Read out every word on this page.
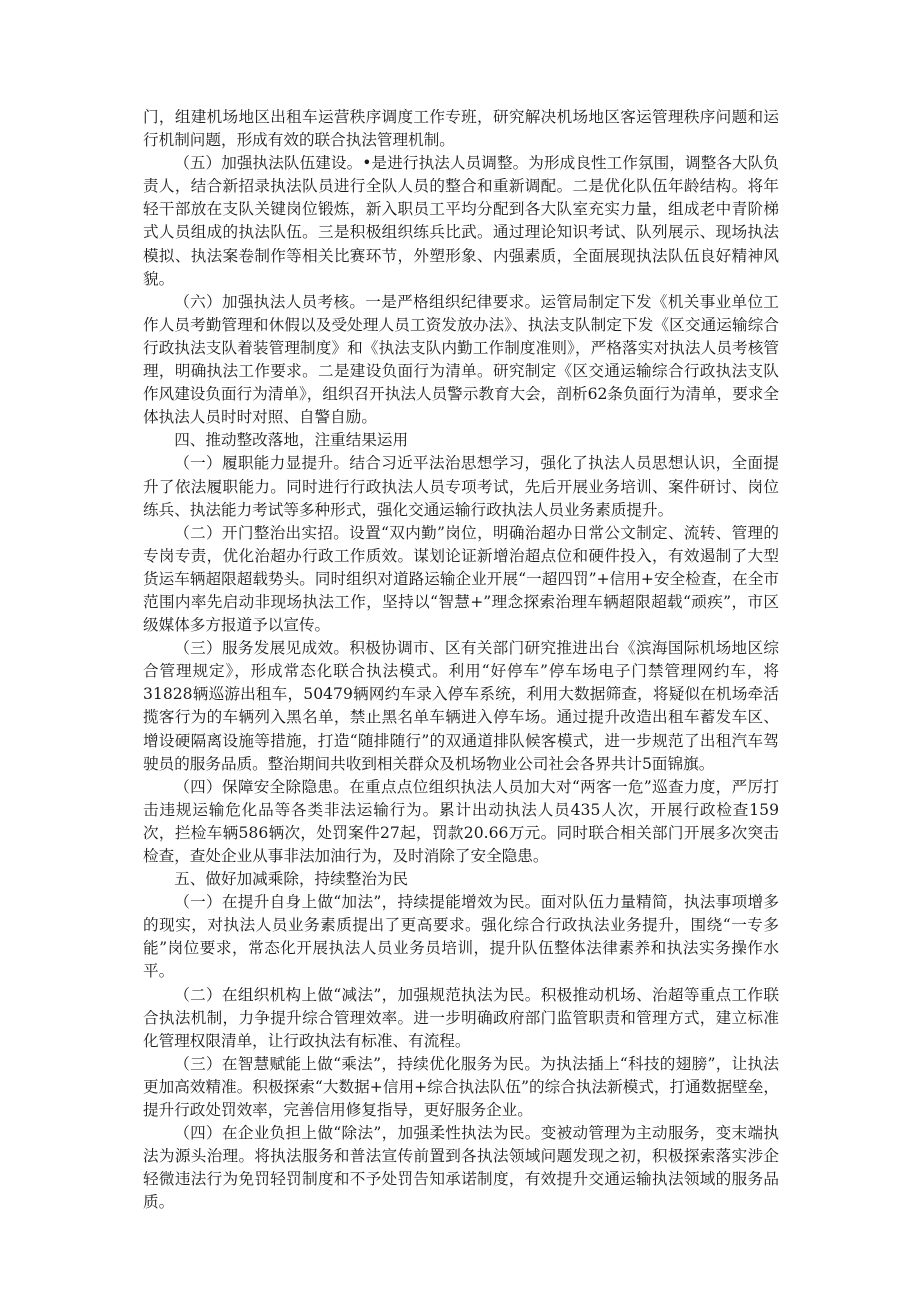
门，组建机场地区出租车运营秩序调度工作专班，研究解决机场地区客运管理秩序问题和运行机制问题，形成有效的联合执法管理机制。

（五）加强执法队伍建设。•是进行执法人员调整。为形成良性工作氛围，调整各大队负责人，结合新招录执法队员进行全队人员的整合和重新调配。二是优化队伍年龄结构。将年轻干部放在支队关键岗位锻炼，新入职员工平均分配到各大队室充实力量，组成老中青阶梯式人员组成的执法队伍。三是积极组织练兵比武。通过理论知识考试、队列展示、现场执法模拟、执法案卷制作等相关比赛环节，外塑形象、内强素质，全面展现执法队伍良好精神风貌。

（六）加强执法人员考核。一是严格组织纪律要求。运管局制定下发《机关事业单位工作人员考勤管理和休假以及受处理人员工资发放办法》、执法支队制定下发《区交通运输综合行政执法支队着装管理制度》和《执法支队内勤工作制度准则》，严格落实对执法人员考核管理，明确执法工作要求。二是建设负面行为清单。研究制定《区交通运输综合行政执法支队作风建设负面行为清单》，组织召开执法人员警示教育大会，剖析62条负面行为清单，要求全体执法人员时时对照、自警自励。

四、推动整改落地，注重结果运用

（一）履职能力显提升。结合习近平法治思想学习，强化了执法人员思想认识，全面提升了依法履职能力。同时进行行政执法人员专项考试，先后开展业务培训、案件研讨、岗位练兵、执法能力考试等多种形式，强化交通运输行政执法人员业务素质提升。

（二）开门整治出实招。设置“双内勤”岗位，明确治超办日常公文制定、流转、管理的专岗专责，优化治超办行政工作质效。谋划论证新增治超点位和硬件投入，有效遏制了大型货运车辆超限超载势头。同时组织对道路运输企业开展“一超四罚”+信用+安全检查，在全市范围内率先启动非现场执法工作，坚持以“智慧+”理念探索治理车辆超限超载“顽疾”，市区级媒体多方报道予以宣传。

（三）服务发展见成效。积极协调市、区有关部门研究推进出台《滨海国际机场地区综合管理规定》，形成常态化联合执法模式。利用“好停车”停车场电子门禁管理网约车，将31828辆巡游出租车，50479辆网约车录入停车系统，利用大数据筛查，将疑似在机场牵活揽客行为的车辆列入黑名单，禁止黑名单车辆进入停车场。通过提升改造出租车蓄发车区、增设硬隔离设施等措施，打造“随排随行”的双通道排队候客模式，进一步规范了出租汽车驾驶员的服务品质。整治期间共收到相关群众及机场物业公司社会各界共计5面锦旗。

（四）保障安全除隐患。在重点点位组织执法人员加大对“两客一危”巡查力度，严厉打击违规运输危化品等各类非法运输行为。累计出动执法人员435人次，开展行政检查159次，拦检车辆586辆次，处罚案件27起，罚款20.66万元。同时联合相关部门开展多次突击检查，查处企业从事非法加油行为，及时消除了安全隐患。

五、做好加减乘除，持续整治为民

（一）在提升自身上做“加法”，持续提能增效为民。面对队伍力量精简，执法事项增多的现实，对执法人员业务素质提出了更高要求。强化综合行政执法业务提升，围绕“一专多能”岗位要求，常态化开展执法人员业务员培训，提升队伍整体法律素养和执法实务操作水平。

（二）在组织机构上做“减法”，加强规范执法为民。积极推动机场、治超等重点工作联合执法机制，力争提升综合管理效率。进一步明确政府部门监管职责和管理方式，建立标准化管理权限清单，让行政执法有标准、有流程。

（三）在智慧赋能上做“乘法”，持续优化服务为民。为执法插上“科技的翅膀”，让执法更加高效精准。积极探索“大数据+信用+综合执法队伍”的综合执法新模式，打通数据壁垒，提升行政处罚效率，完善信用修复指导，更好服务企业。

（四）在企业负担上做“除法”，加强柔性执法为民。变被动管理为主动服务，变末端执法为源头治理。将执法服务和普法宣传前置到各执法领域问题发现之初，积极探索落实涉企轻微违法行为免罚轻罚制度和不予处罚告知承诺制度，有效提升交通运输执法领域的服务品质。
